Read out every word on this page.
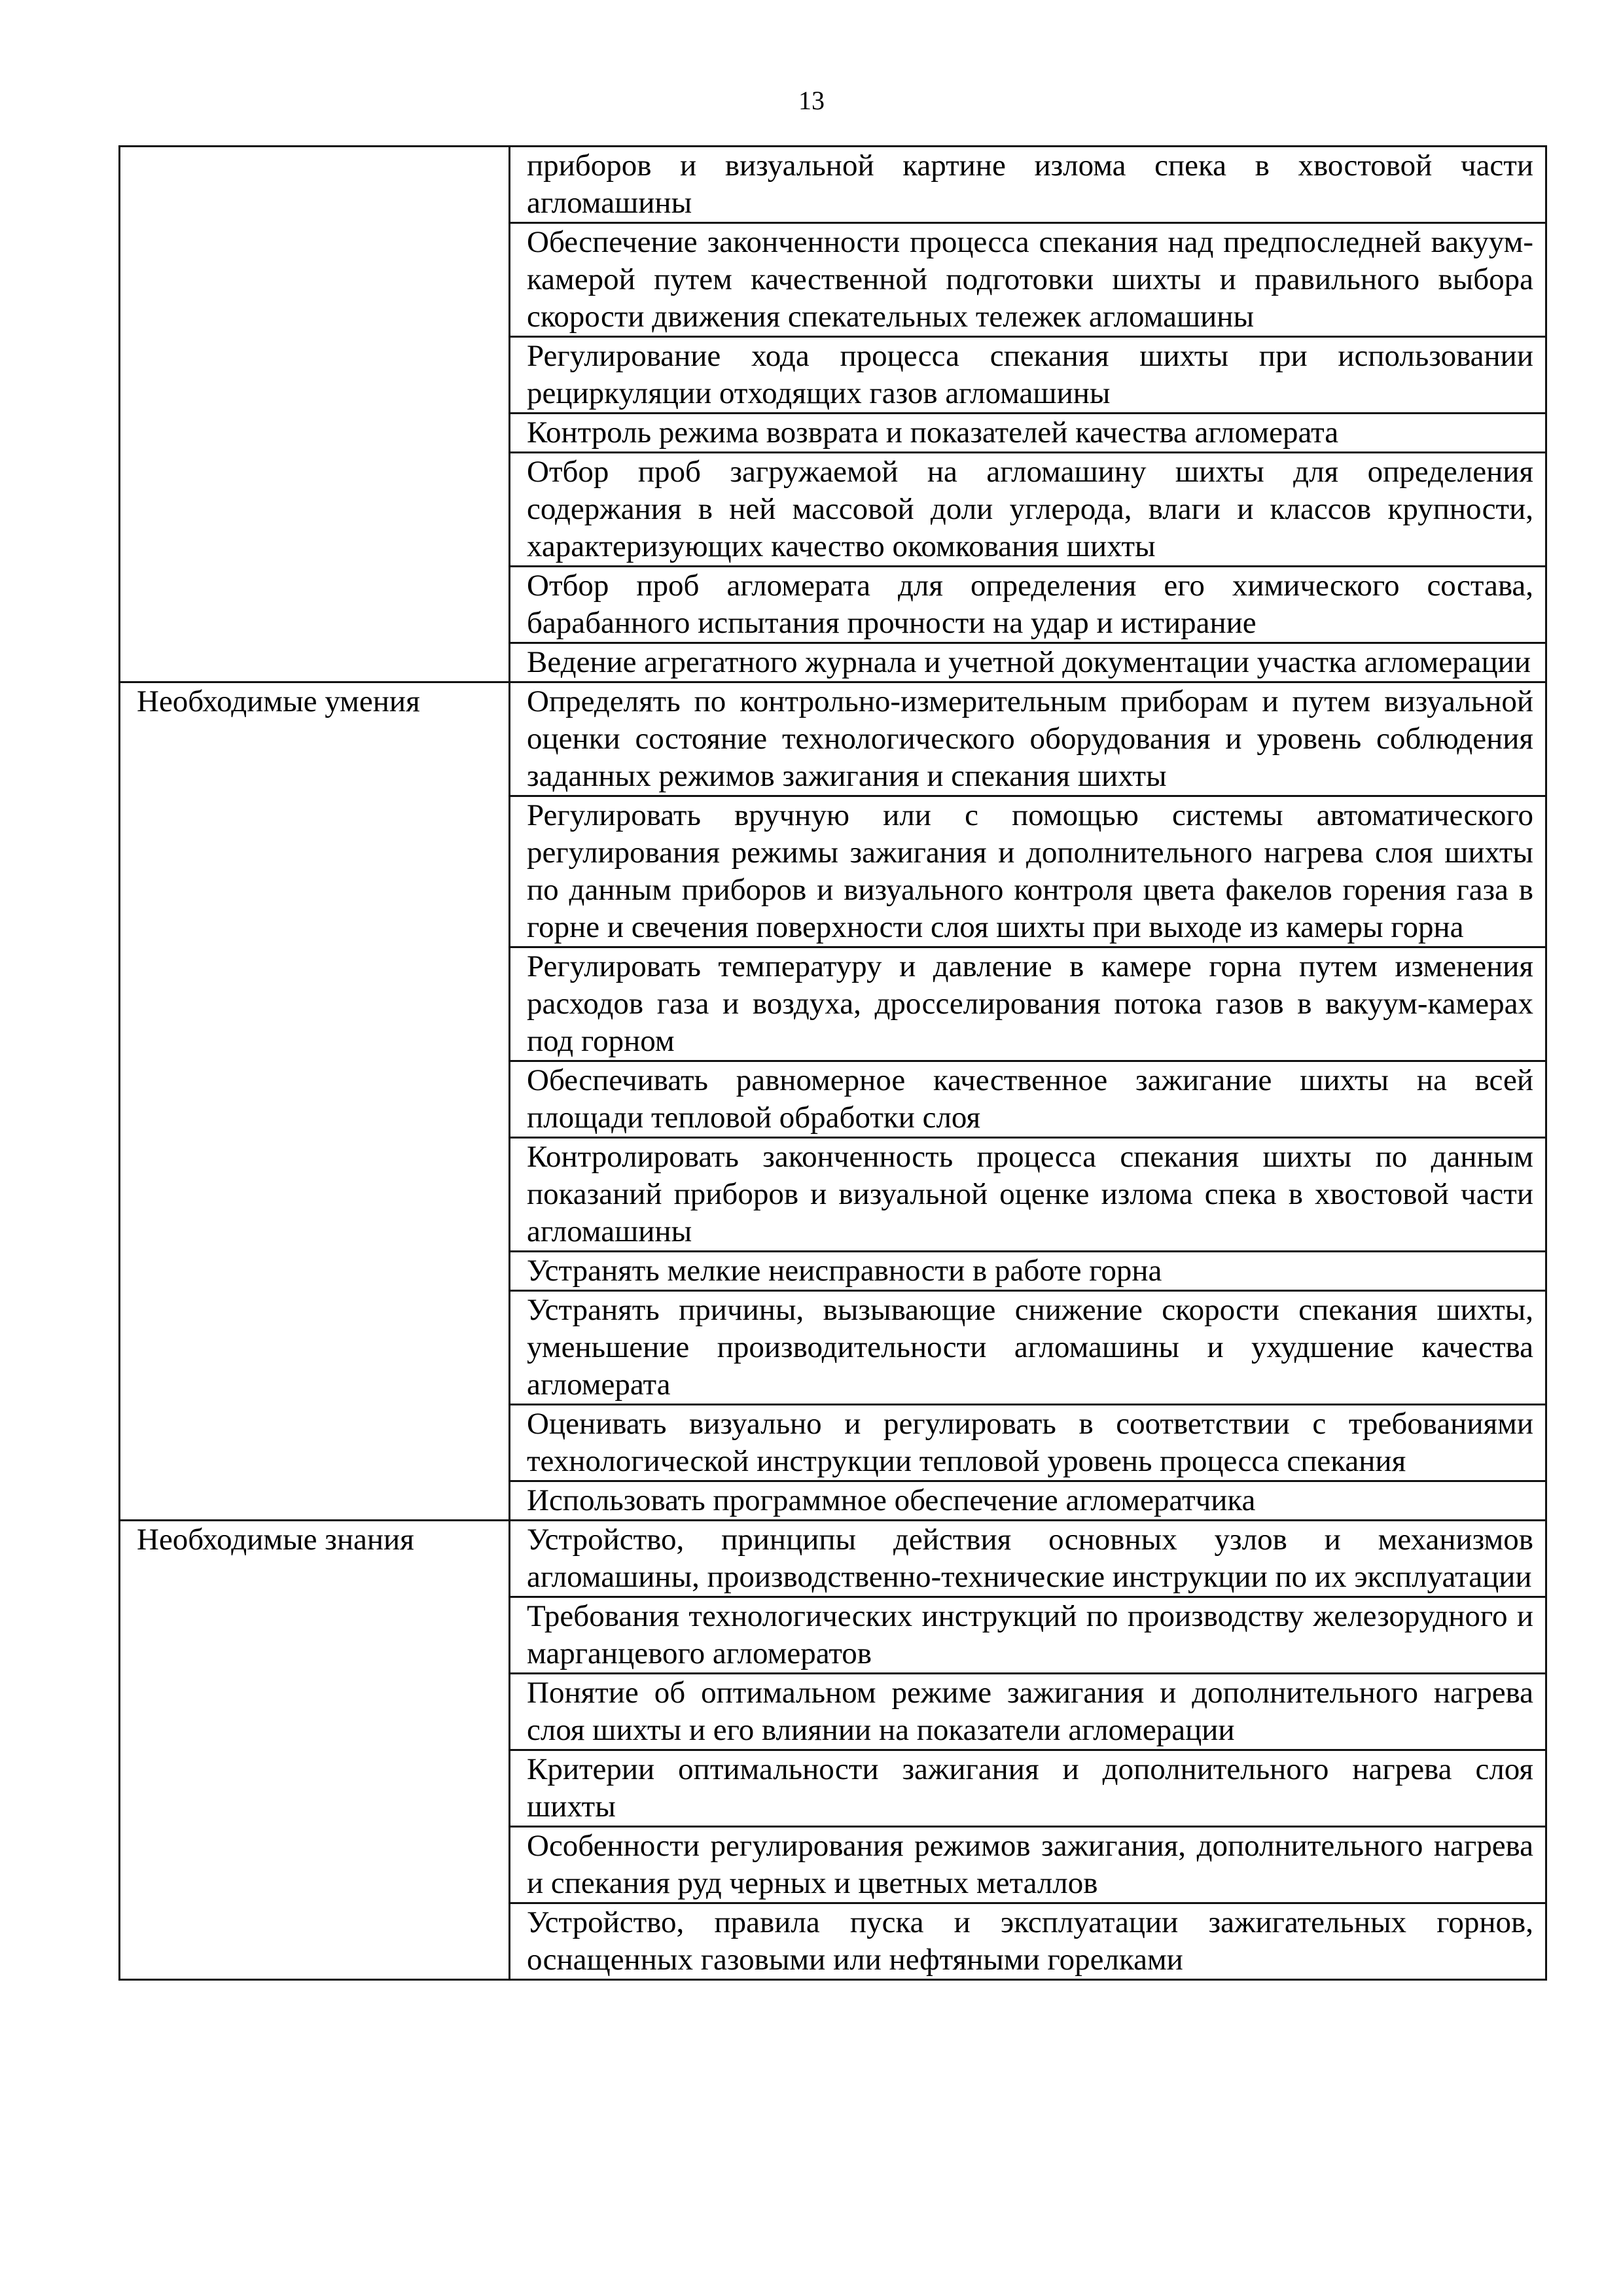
13
	приборов и визуальной картине излома спека в хвостовой части агломашины
	Обеспечение законченности процесса спекания над предпоследней вакуум-камерой путем качественной подготовки шихты и правильного выбора скорости движения спекательных тележек агломашины
	Регулирование хода процесса спекания шихты при использовании рециркуляции отходящих газов агломашины
	Контроль режима возврата и показателей качества агломерата
	Отбор проб загружаемой на агломашину шихты для определения содержания в ней массовой доли углерода, влаги и классов крупности, характеризующих качество окомкования шихты
	Отбор проб агломерата для определения его химического состава, барабанного испытания прочности на удар и истирание
	Ведение агрегатного журнала и учетной документации участка агломерации
Необходимые умения	Определять по контрольно-измерительным приборам и путем визуальной оценки состояние технологического оборудования и уровень соблюдения заданных режимов зажигания и спекания шихты
	Регулировать вручную или с помощью системы автоматического регулирования режимы зажигания и дополнительного нагрева слоя шихты по данным приборов и визуального контроля цвета факелов горения газа в горне и свечения поверхности слоя шихты при выходе из камеры горна
	Регулировать температуру и давление в камере горна путем изменения расходов газа и воздуха, дросселирования потока газов в вакуум-камерах под горном
	Обеспечивать равномерное качественное зажигание шихты на всей площади тепловой обработки слоя
	Контролировать законченность процесса спекания шихты по данным показаний приборов и визуальной оценке излома спека в хвостовой части агломашины
	Устранять мелкие неисправности в работе горна
	Устранять причины, вызывающие снижение скорости спекания шихты, уменьшение производительности агломашины и ухудшение качества агломерата
	Оценивать визуально и регулировать в соответствии с требованиями технологической инструкции тепловой уровень процесса спекания
	Использовать программное обеспечение агломератчика
Необходимые знания	Устройство, принципы действия основных узлов и механизмов агломашины, производственно-технические инструкции по их эксплуатации
	Требования технологических инструкций по производству железорудного и марганцевого агломератов
	Понятие об оптимальном режиме зажигания и дополнительного нагрева слоя шихты и его влиянии на показатели агломерации
	Критерии оптимальности зажигания и дополнительного нагрева слоя шихты
	Особенности регулирования режимов зажигания, дополнительного нагрева и спекания руд черных и цветных металлов
	Устройство, правила пуска и эксплуатации зажигательных горнов, оснащенных газовыми или нефтяными горелками
